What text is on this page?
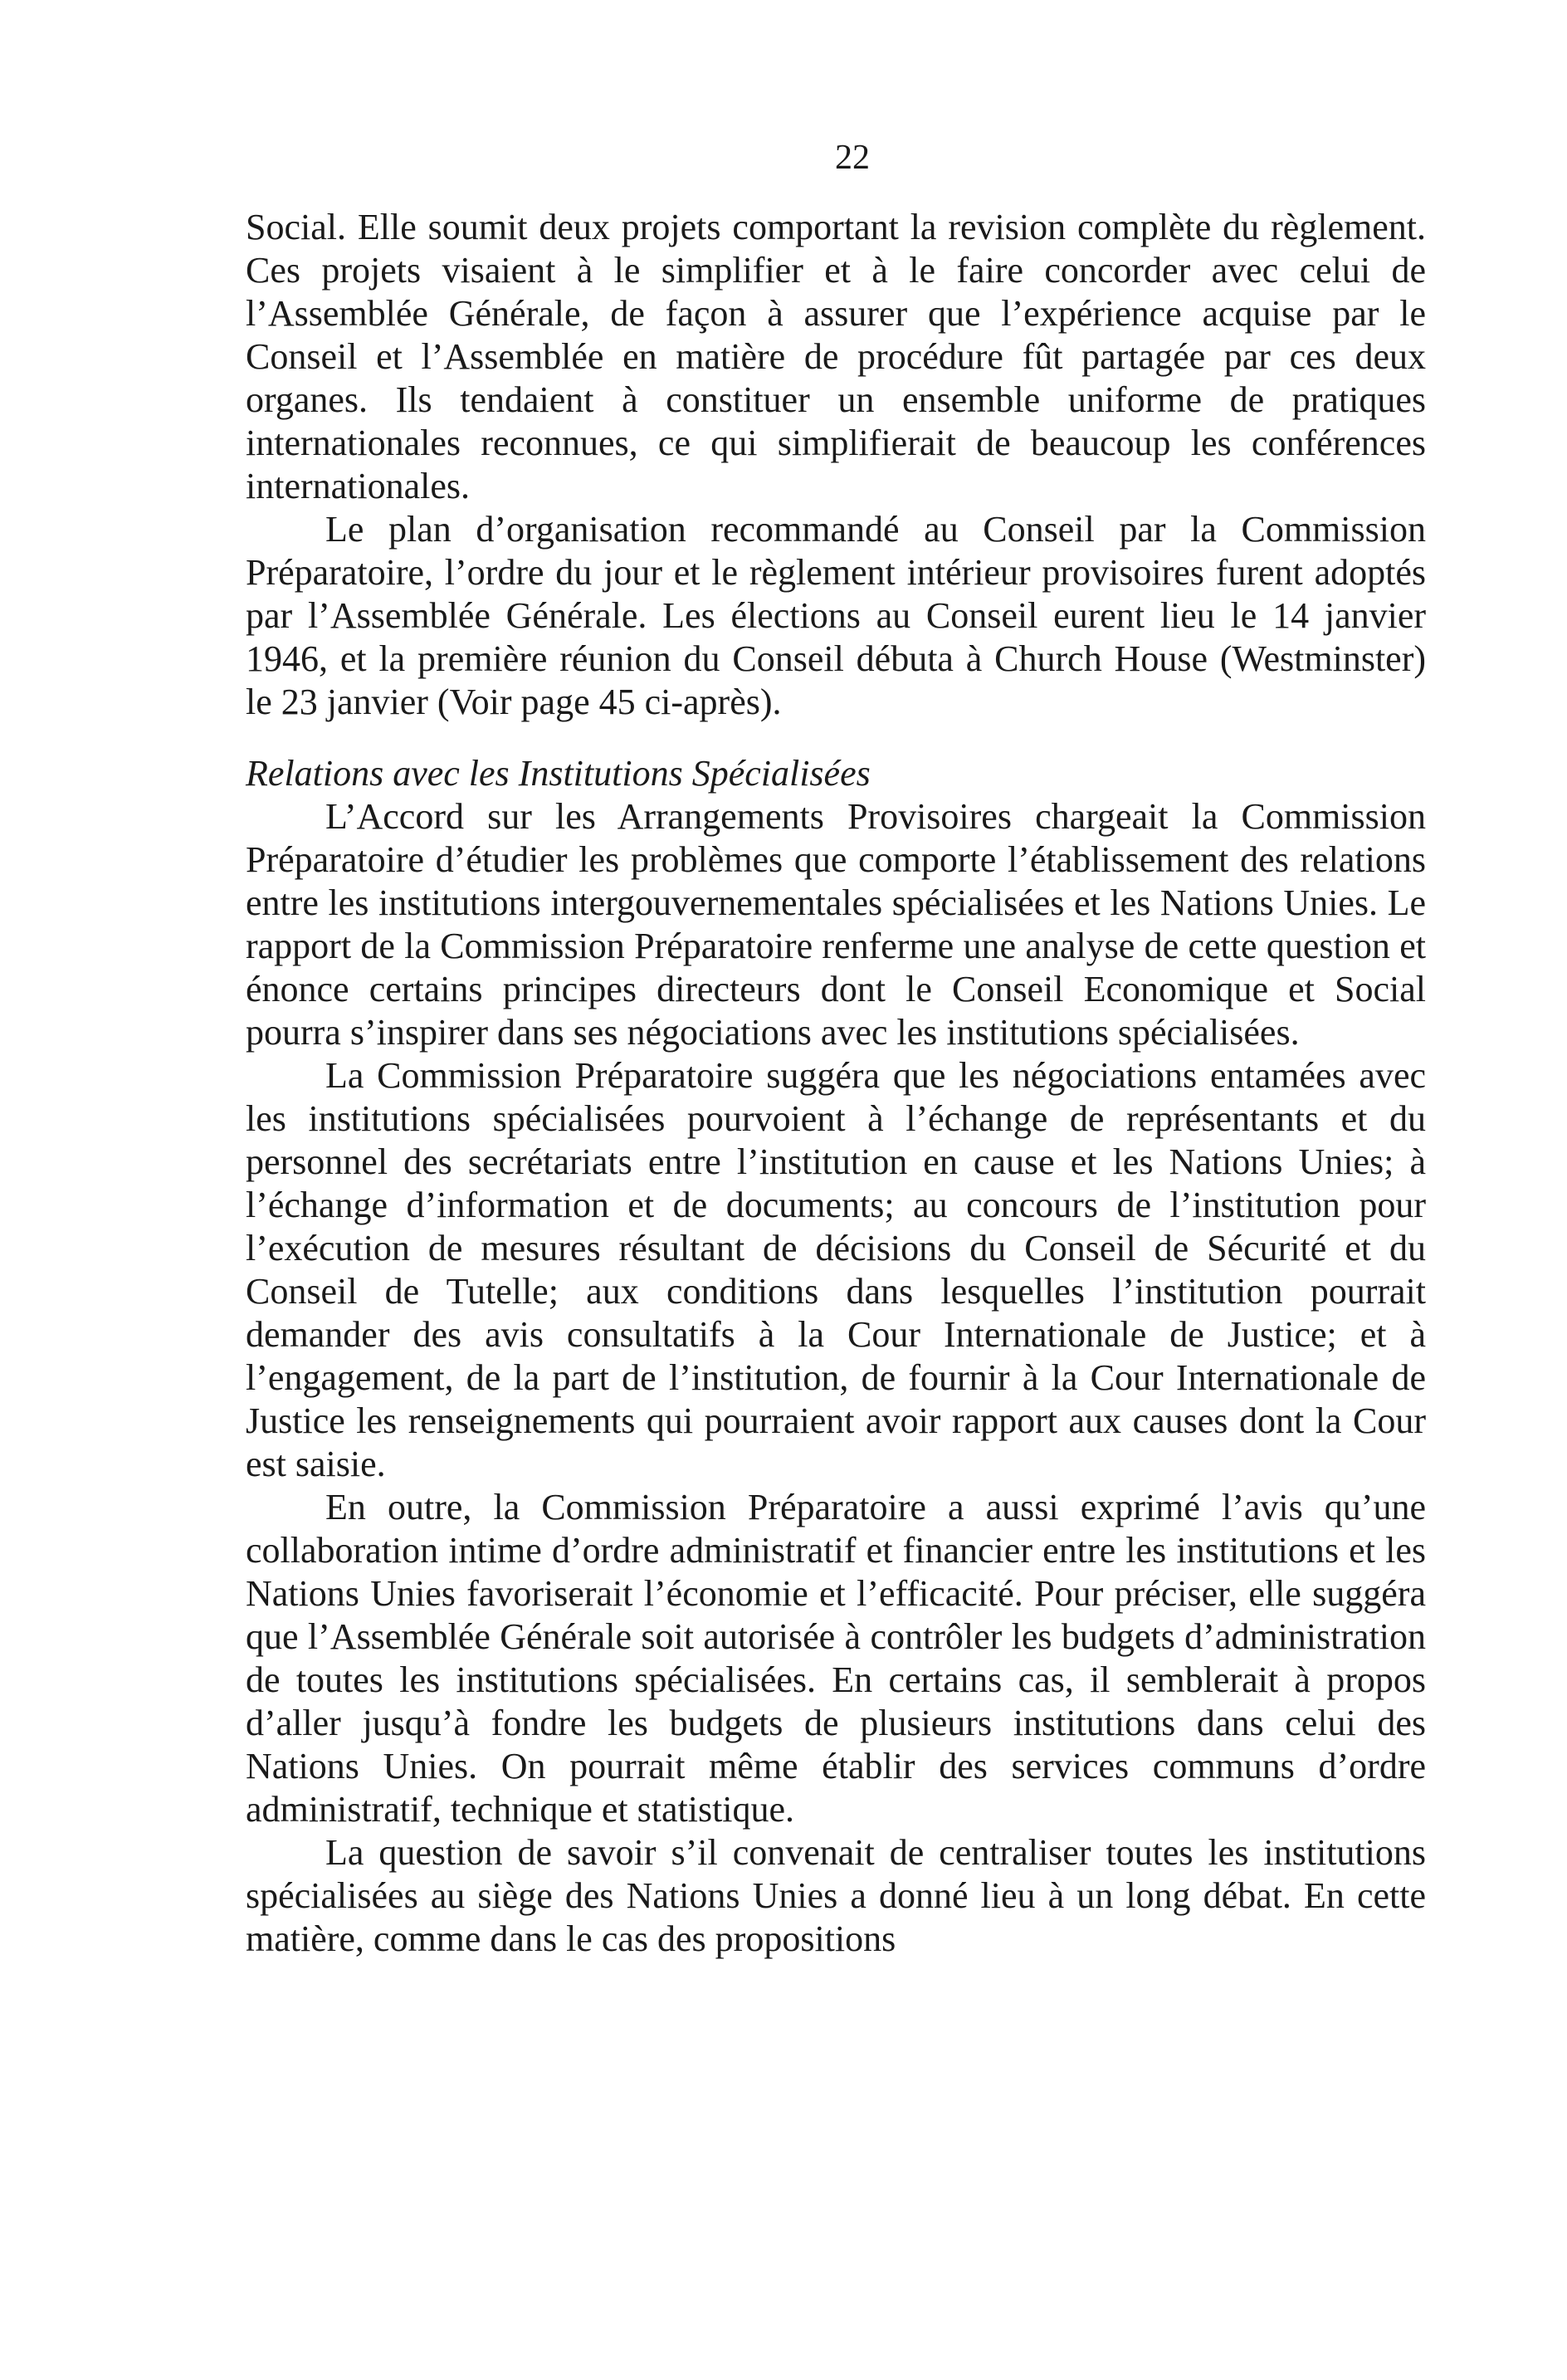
22

Social. Elle soumit deux projets comportant la revision complète du règlement. Ces projets visaient à le simplifier et à le faire concorder avec celui de l’Assemblée Générale, de façon à assurer que l’expérience acquise par le Conseil et l’Assemblée en matière de procédure fût partagée par ces deux organes. Ils tendaient à constituer un ensemble uniforme de pratiques internationales reconnues, ce qui simplifierait de beaucoup les conférences internationales.

Le plan d’organisation recommandé au Conseil par la Commission Préparatoire, l’ordre du jour et le règlement intérieur provisoires furent adoptés par l’Assemblée Générale. Les élections au Conseil eurent lieu le 14 janvier 1946, et la première réunion du Conseil débuta à Church House (Westminster) le 23 janvier (Voir page 45 ci-après).

Relations avec les Institutions Spécialisées

L’Accord sur les Arrangements Provisoires chargeait la Commission Préparatoire d’étudier les problèmes que comporte l’établissement des relations entre les institutions intergouvernementales spécialisées et les Nations Unies. Le rapport de la Commission Préparatoire renferme une analyse de cette question et énonce certains principes directeurs dont le Conseil Economique et Social pourra s’inspirer dans ses négociations avec les institutions spécialisées.

La Commission Préparatoire suggéra que les négociations entamées avec les institutions spécialisées pourvoient à l’échange de représentants et du personnel des secrétariats entre l’institution en cause et les Nations Unies; à l’échange d’information et de documents; au concours de l’institution pour l’exécution de mesures résultant de décisions du Conseil de Sécurité et du Conseil de Tutelle; aux conditions dans lesquelles l’institution pourrait demander des avis consultatifs à la Cour Internationale de Justice; et à l’engagement, de la part de l’institution, de fournir à la Cour Internationale de Justice les renseignements qui pourraient avoir rapport aux causes dont la Cour est saisie.

En outre, la Commission Préparatoire a aussi exprimé l’avis qu’une collaboration intime d’ordre administratif et financier entre les institutions et les Nations Unies favoriserait l’économie et l’efficacité. Pour préciser, elle suggéra que l’Assemblée Générale soit autorisée à contrôler les budgets d’administration de toutes les institutions spécialisées. En certains cas, il semblerait à propos d’aller jusqu’à fondre les budgets de plusieurs institutions dans celui des Nations Unies. On pourrait même établir des services communs d’ordre administratif, technique et statistique.

La question de savoir s’il convenait de centraliser toutes les institutions spécialisées au siège des Nations Unies a donné lieu à un long débat. En cette matière, comme dans le cas des propositions
